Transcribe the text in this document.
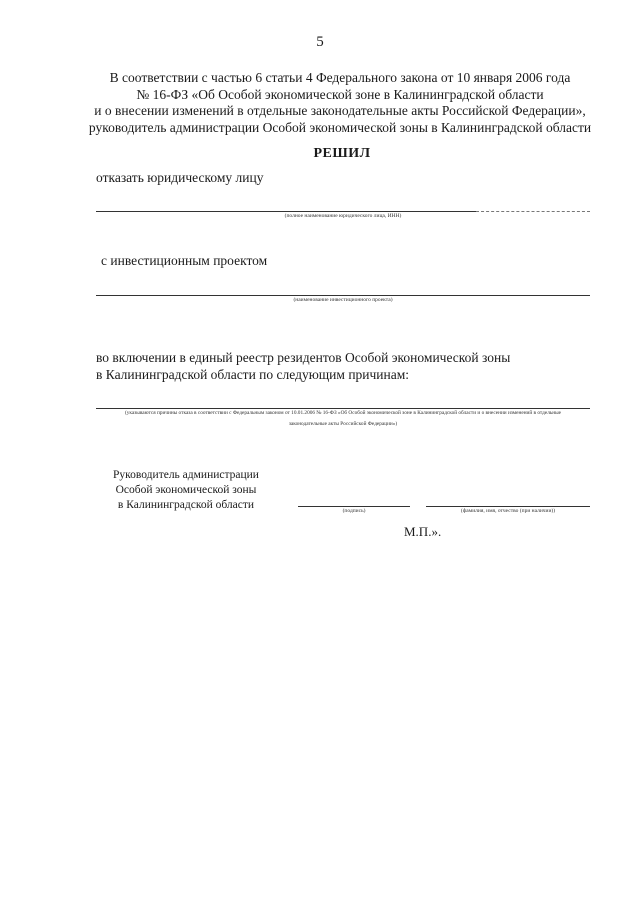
5
В соответствии с частью 6 статьи 4 Федерального закона от 10 января 2006 года
№ 16-ФЗ «Об Особой экономической зоне в Калининградской области
и о внесении изменений в отдельные законодательные акты Российской Федерации»,
руководитель администрации Особой экономической зоны в Калининградской области
РЕШИЛ
отказать юридическому лицу
(полное наименование юридического лица, ИНН)
с инвестиционным проектом
(наименование инвестиционного проекта)
во включении в единый реестр резидентов Особой экономической зоны
в Калининградской области по следующим причинам:
(указываются причины отказа в соответствии с Федеральным законом от 10.01.2006 № 16-ФЗ «Об Особой экономической зоне в Калининградской области и о внесении изменений в отдельные
законодательные акты Российской Федерации»)
Руководитель администрации
Особой экономической зоны
в Калининградской области	(подпись)	(фамилия, имя, отчество (при наличии))
М.П.».
